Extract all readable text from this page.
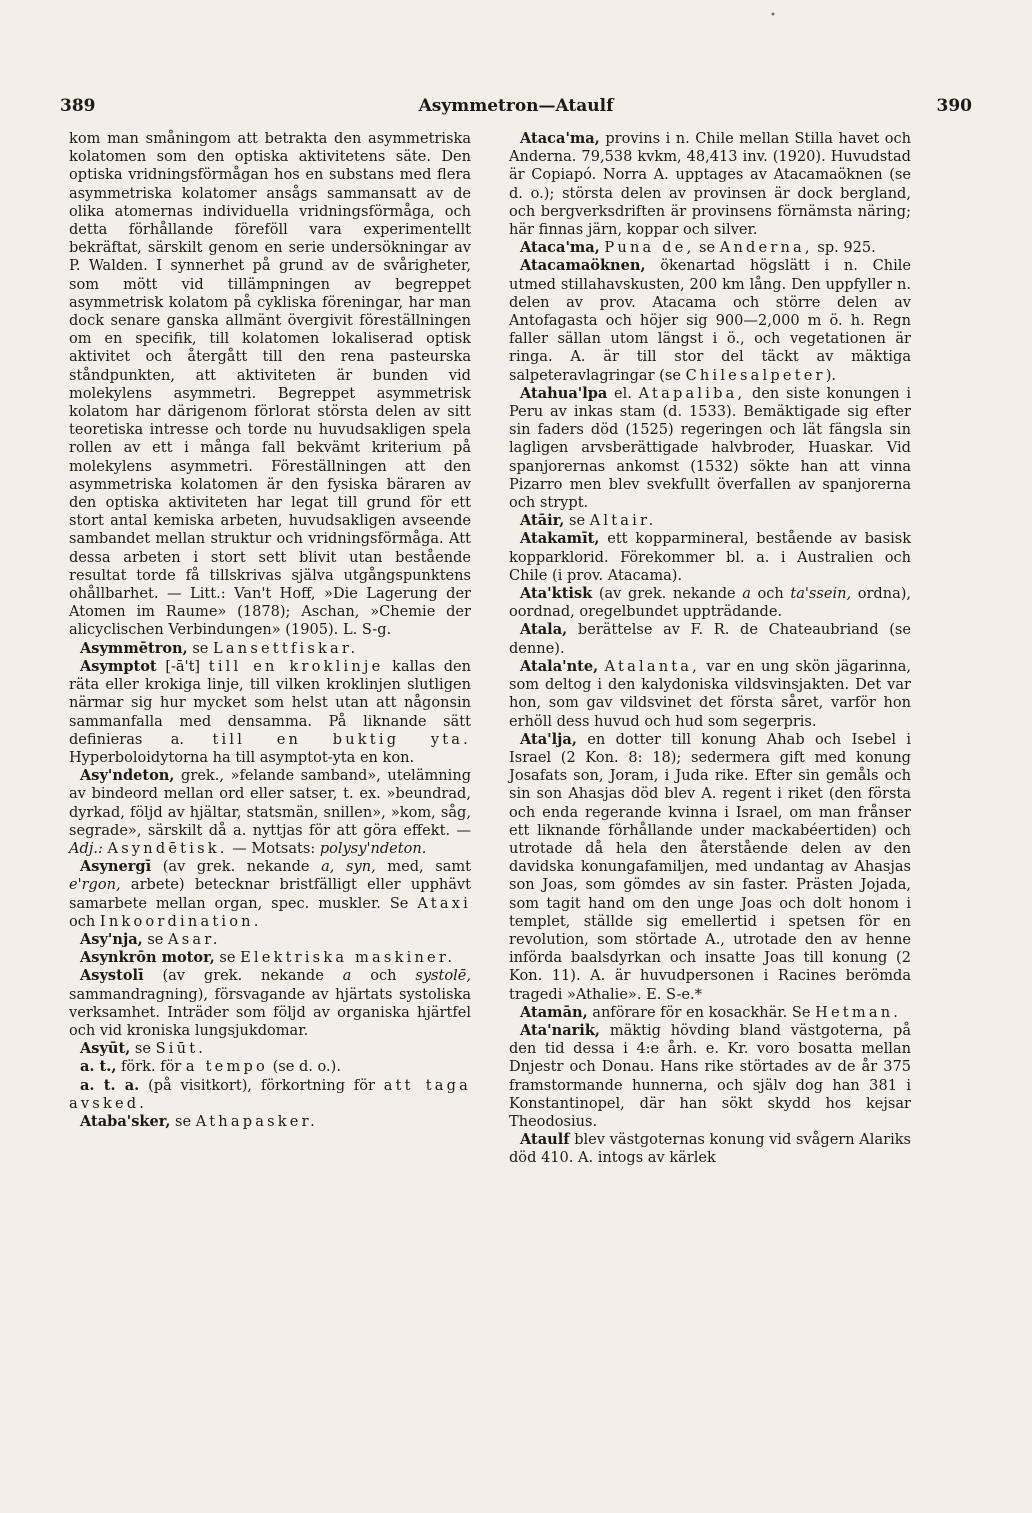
•
389	Asymmetron—Ataulf	390

kom man småningom att betrakta den asymmetriska kolatomen som den optiska aktivitetens säte. Den optiska vridningsförmågan hos en substans med flera asymmetriska kolatomer ansågs sammansatt av de olika atomernas individuella vridningsförmåga, och detta förhållande föreföll vara experimentellt bekräftat, särskilt genom en serie undersökningar av P. Walden. I synnerhet på grund av de svårigheter, som mött vid tillämpningen av begreppet asymmetrisk kolatom på cykliska föreningar, har man dock senare ganska allmänt övergivit föreställningen om en specifik, till kolatomen lokaliserad optisk aktivitet och återgått till den rena pasteurska ståndpunkten, att aktiviteten är bunden vid molekylens asymmetri. Begreppet asymmetrisk kolatom har därigenom förlorat största delen av sitt teoretiska intresse och torde nu huvudsakligen spela rollen av ett i många fall bekvämt kriterium på molekylens asymmetri. Föreställningen att den asymmetriska kolatomen är den fysiska bäraren av den optiska aktiviteten har legat till grund för ett stort antal kemiska arbeten, huvudsakligen avseende sambandet mellan struktur och vridningsförmåga. Att dessa arbeten i stort sett blivit utan bestående resultat torde få tillskrivas själva utgångspunktens ohållbarhet. — Litt.: Van't Hoff, »Die Lagerung der Atomen im Raume» (1878); Aschan, »Chemie der alicyclischen Verbindungen» (1905). L. S-g.

Asymmētron, se Lansettfiskar.

Asymptot [-ā't] till en kroklinje kallas den räta eller krokiga linje, till vilken kroklinjen slutligen närmar sig hur mycket som helst utan att någonsin sammanfalla med densamma. På liknande sätt definieras a. till en buktig yta. Hyperboloidytorna ha till asymptot-yta en kon.

Asy'ndeton, grek., »felande samband», utelämning av bindeord mellan ord eller satser, t. ex. »beundrad, dyrkad, följd av hjältar, statsmän, snillen», »kom, såg, segrade», särskilt då a. nyttjas för att göra effekt. — Adj.: Asyndētisk. — Motsats: polysy'ndeton.

Asynergī (av grek. nekande a, syn, med, samt e'rgon, arbete) betecknar bristfälligt eller upphävt samarbete mellan organ, spec. muskler. Se Ataxi och Inkoordination.

Asy'nja, se Asar.

Asynkrōn motor, se Elektriska maskiner.

Asystolī (av grek. nekande a och systolē, sammandragning), försvagande av hjärtats systoliska verksamhet. Inträder som följd av organiska hjärtfel och vid kroniska lungsjukdomar.

Asyūt, se Siūt.

a. t., förk. för a tempo (se d. o.).

a. t. a. (på visitkort), förkortning för att taga avsked.

Ataba'sker, se Athapasker.

Ataca'ma, provins i n. Chile mellan Stilla havet och Anderna. 79,538 kvkm, 48,413 inv. (1920). Huvudstad är Copiapó. Norra A. upptages av Atacamaöknen (se d. o.); största delen av provinsen är dock bergland, och bergverksdriften är provinsens förnämsta näring; här finnas järn, koppar och silver.

Ataca'ma, Puna de, se Anderna, sp. 925.

Atacamaöknen, ökenartad högslätt i n. Chile utmed stillahavskusten, 200 km lång. Den uppfyller n. delen av prov. Atacama och större delen av Antofagasta och höjer sig 900—2,000 m ö. h. Regn faller sällan utom längst i ö., och vegetationen är ringa. A. är till stor del täckt av mäktiga salpeteravlagringar (se Chilesalpeter).

Atahua'lpa el. Atapaliba, den siste konungen i Peru av inkas stam (d. 1533). Bemäktigade sig efter sin faders död (1525) regeringen och lät fängsla sin lagligen arvsberättigade halvbroder, Huaskar. Vid spanjorernas ankomst (1532) sökte han att vinna Pizarro men blev svekfullt överfallen av spanjorerna och strypt.

Atāir, se Altair.

Atakamīt, ett kopparmineral, bestående av basisk kopparklorid. Förekommer bl. a. i Australien och Chile (i prov. Atacama).

Ata'ktisk (av grek. nekande a och ta'ssein, ordna), oordnad, oregelbundet uppträdande.

Atala, berättelse av F. R. de Chateaubriand (se denne).

Atala'nte, Atalanta, var en ung skön jägarinna, som deltog i den kalydoniska vildsvinsjakten. Det var hon, som gav vildsvinet det första såret, varför hon erhöll dess huvud och hud som segerpris.

Ata'lja, en dotter till konung Ahab och Isebel i Israel (2 Kon. 8: 18); sedermera gift med konung Josafats son, Joram, i Juda rike. Efter sin gemåls och sin son Ahasjas död blev A. regent i riket (den första och enda regerande kvinna i Israel, om man frånser ett liknande förhållande under mackabéertiden) och utrotade då hela den återstående delen av den davidska konungafamiljen, med undantag av Ahasjas son Joas, som gömdes av sin faster. Prästen Jojada, som tagit hand om den unge Joas och dolt honom i templet, ställde sig emellertid i spetsen för en revolution, som störtade A., utrotade den av henne införda baalsdyrkan och insatte Joas till konung (2 Kon. 11). A. är huvudpersonen i Racines berömda tragedi »Athalie». E. S-e.*

Atamān, anförare för en kosackhär. Se Hetman.

Ata'narik, mäktig hövding bland västgoterna, på den tid dessa i 4:e årh. e. Kr. voro bosatta mellan Dnjestr och Donau. Hans rike störtades av de år 375 framstormande hunnerna, och själv dog han 381 i Konstantinopel, där han sökt skydd hos kejsar Theodosius.

Ataulf blev västgoternas konung vid svågern Alariks död 410. A. intogs av kärlek
